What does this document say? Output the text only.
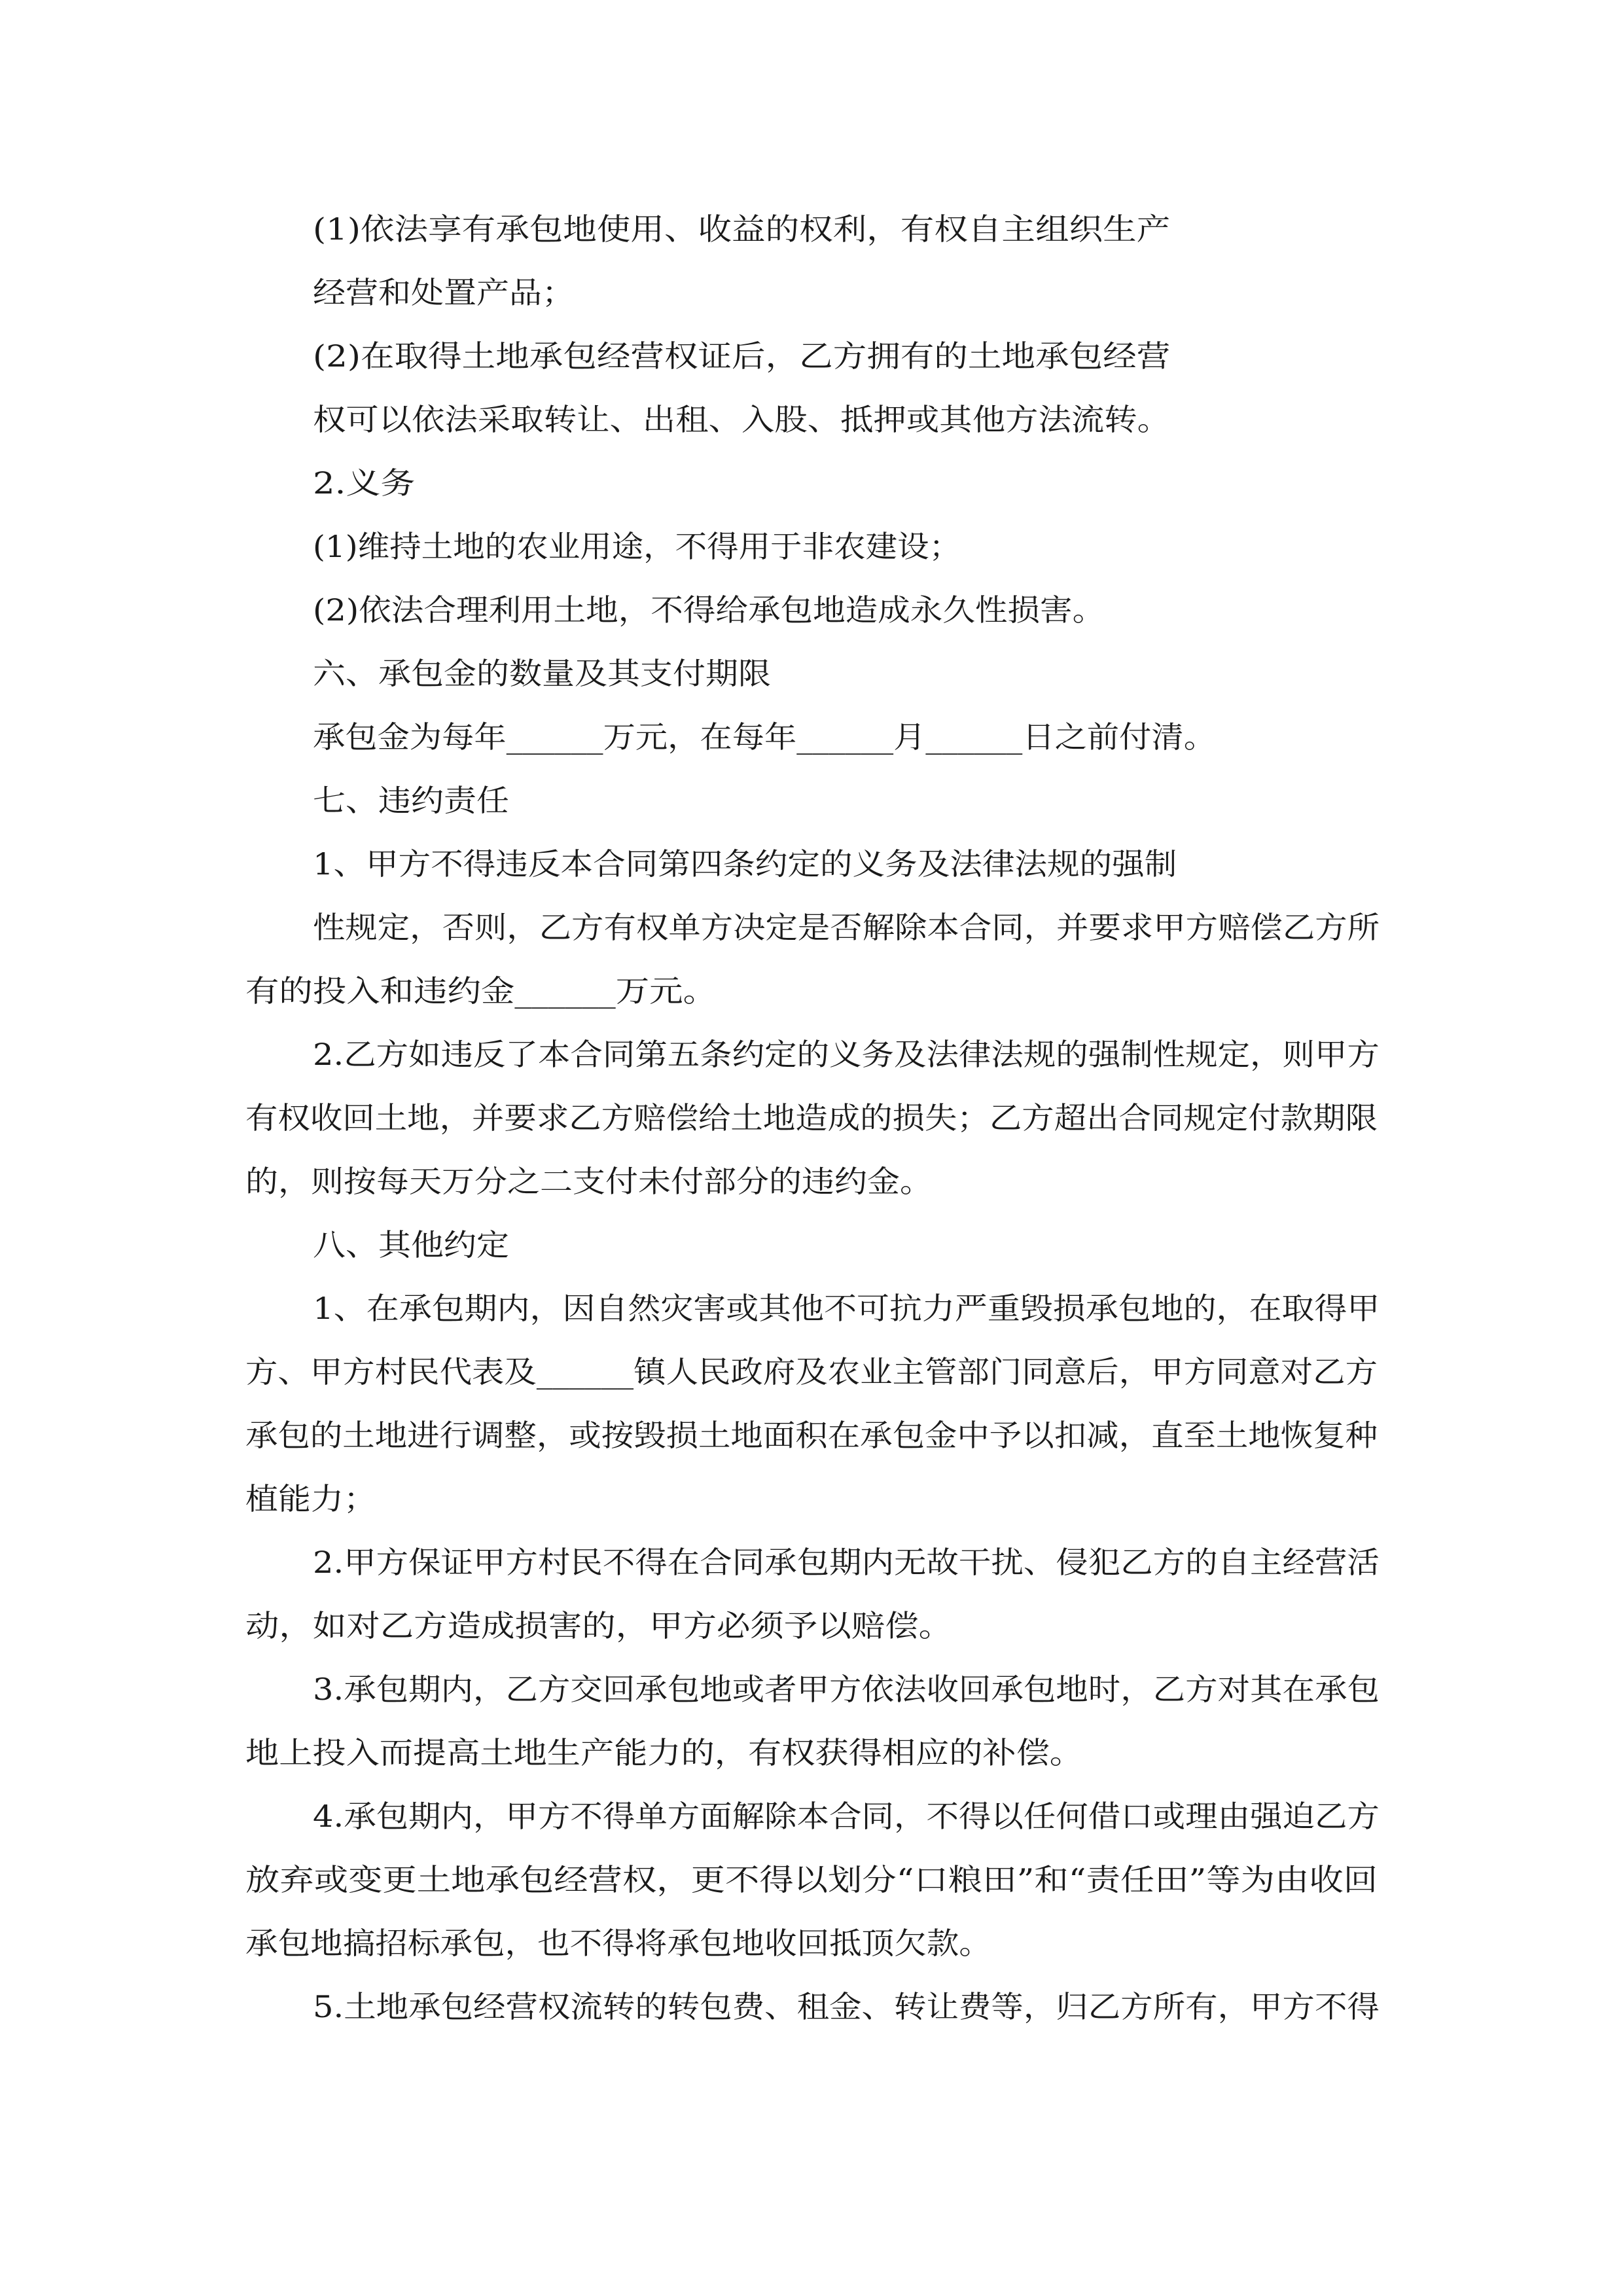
(1)依法享有承包地使用、收益的权利，有权自主组织生产

经营和处置产品；

(2)在取得土地承包经营权证后，乙方拥有的土地承包经营

权可以依法采取转让、出租、入股、抵押或其他方法流转。

2.义务

(1)维持土地的农业用途，不得用于非农建设；

(2)依法合理利用土地，不得给承包地造成永久性损害。

六、承包金的数量及其支付期限

承包金为每年______万元，在每年______月______日之前付清。

七、违约责任

1、甲方不得违反本合同第四条约定的义务及法律法规的强制

性规定，否则，乙方有权单方决定是否解除本合同，并要求甲方赔偿乙方所

有的投入和违约金______万元。

2.乙方如违反了本合同第五条约定的义务及法律法规的强制性规定，则甲方

有权收回土地，并要求乙方赔偿给土地造成的损失；乙方超出合同规定付款期限

的，则按每天万分之二支付未付部分的违约金。

八、其他约定

1、在承包期内，因自然灾害或其他不可抗力严重毁损承包地的，在取得甲

方、甲方村民代表及______镇人民政府及农业主管部门同意后，甲方同意对乙方

承包的土地进行调整，或按毁损土地面积在承包金中予以扣减，直至土地恢复种

植能力；

2.甲方保证甲方村民不得在合同承包期内无故干扰、侵犯乙方的自主经营活

动，如对乙方造成损害的，甲方必须予以赔偿。

3.承包期内，乙方交回承包地或者甲方依法收回承包地时，乙方对其在承包

地上投入而提高土地生产能力的，有权获得相应的补偿。

4.承包期内，甲方不得单方面解除本合同，不得以任何借口或理由强迫乙方

放弃或变更土地承包经营权，更不得以划分“口粮田”和“责任田”等为由收回

承包地搞招标承包，也不得将承包地收回抵顶欠款。

5.土地承包经营权流转的转包费、租金、转让费等，归乙方所有，甲方不得
